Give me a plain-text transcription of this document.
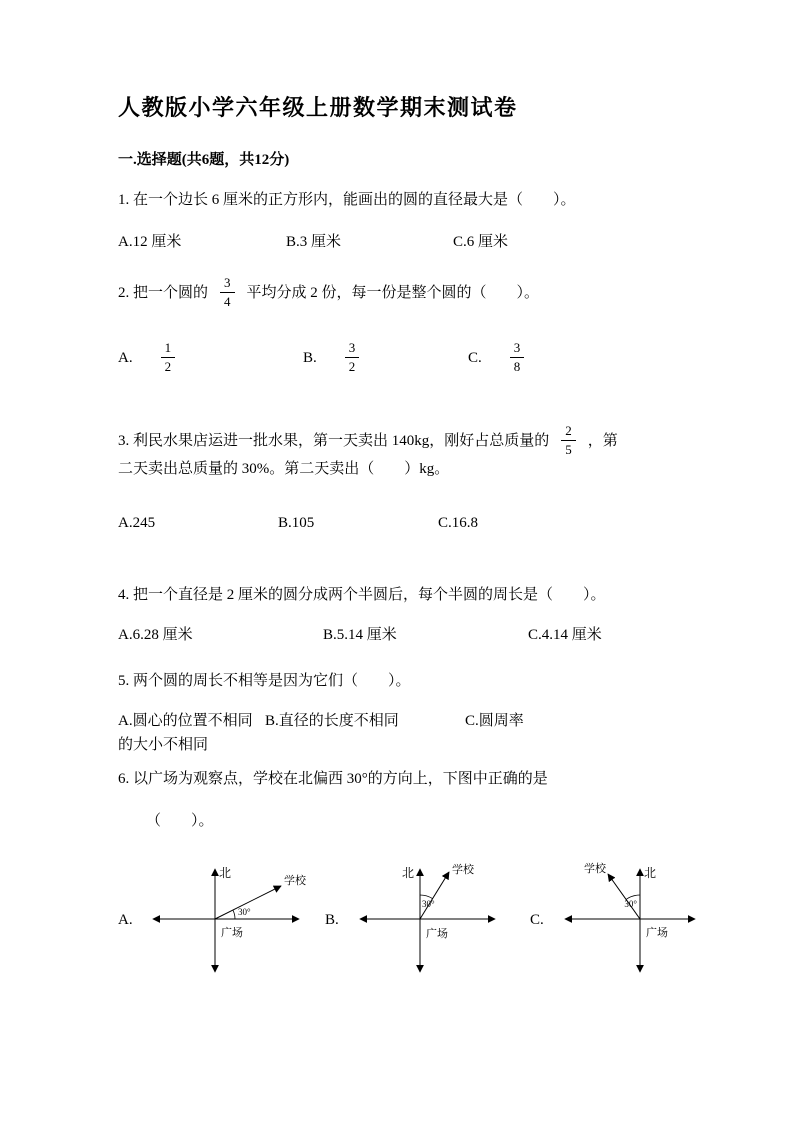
人教版小学六年级上册数学期末测试卷
一.选择题(共6题，共12分)

1. 在一个边长 6 厘米的正方形内，能画出的圆的直径最大是（　　）。

A.12 厘米	B.3 厘米	C.6 厘米
2. 把一个圆的 $\frac{3}{4}$ 平均分成 2 份，每一份是整个圆的（　　）。
A. $\frac{1}{2}$	B. $\frac{3}{2}$	C. $\frac{3}{8}$
3. 利民水果店运进一批水果，第一天卖出 140kg，刚好占总质量的 $\frac{2}{5}$ ，第

二天卖出总质量的 30%。第二天卖出（　　）kg。

A.245	B.105	C.16.8

4. 把一个直径是 2 厘米的圆分成两个半圆后，每个半圆的周长是（　　）。

A.6.28 厘米	B.5.14 厘米	C.4.14 厘米

5. 两个圆的周长不相等是因为它们（　　）。

A.圆心的位置不相同 B.直径的长度不相同	C.圆周率

的大小不相同

6. 以广场为观察点，学校在北偏西 30°的方向上，下图中正确的是

（　　）。

A.
北
学校
30°
广场
B.
北	学校
30°
广场
C.
北
学校
30°
广场
